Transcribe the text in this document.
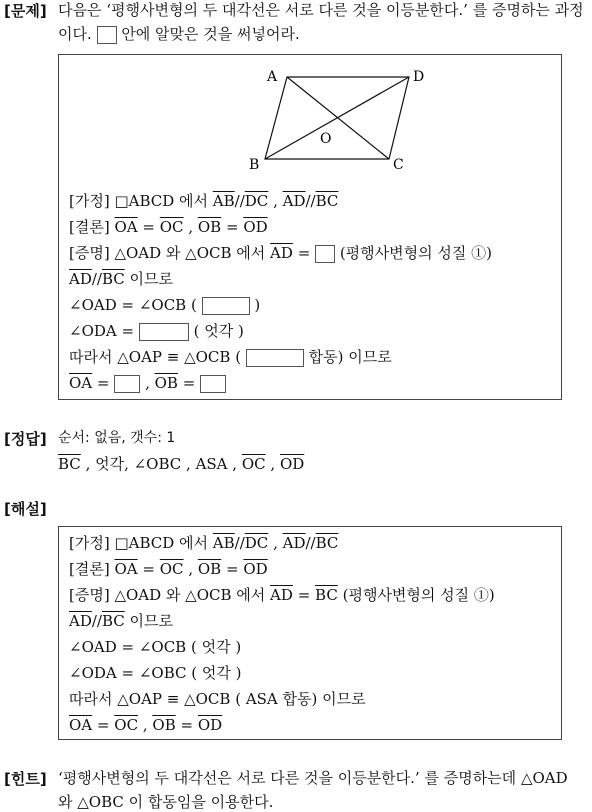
[문제] 다음은 ‘평행사변형의 두 대각선은 서로 다른 것을 이등분한다.’ 를 증명하는 과정
이다. 안에 알맞은 것을 써넣어라.
A	D
B	C
O
[가정] □ABCD 에서 $\overline{AB}//\overline{DC}$ , $\overline{AD}//\overline{BC}$
[결론] $\overline{OA} = \overline{OC}$ , $\overline{OB} = \overline{OD}$
[증명] △OAD 와 △OCB 에서 $\overline{AD}$ = (평행사변형의 성질 ①)
$\overline{AD}//\overline{BC}$ 이므로
∠OAD = ∠OCB (	)
∠ODA =	( 엇각 )
따라서 △OAP ≡ △OCB (	합동) 이므로
$\overline{OA}$ = , $\overline{OB}$ =
[정답] 순서: 없음, 갯수: 1
$\overline{BC}$ , 엇각, ∠OBC , ASA , $\overline{OC}$ , $\overline{OD}$
[해설]
[가정] □ABCD 에서 $\overline{AB}//\overline{DC}$ , $\overline{AD}//\overline{BC}$
[결론] $\overline{OA} = \overline{OC}$ , $\overline{OB} = \overline{OD}$
[증명] △OAD 와 △OCB 에서 $\overline{AD} = \overline{BC}$ (평행사변형의 성질 ①)
$\overline{AD}//\overline{BC}$ 이므로
∠OAD = ∠OCB ( 엇각 )
∠ODA = ∠OBC ( 엇각 )
따라서 △OAP ≡ △OCB ( ASA 합동) 이므로
$\overline{OA} = \overline{OC}$ , $\overline{OB} = \overline{OD}$
[힌트] ‘평행사변형의 두 대각선은 서로 다른 것을 이등분한다.’ 를 증명하는데 △OAD
와 △OBC 이 합동임을 이용한다.
